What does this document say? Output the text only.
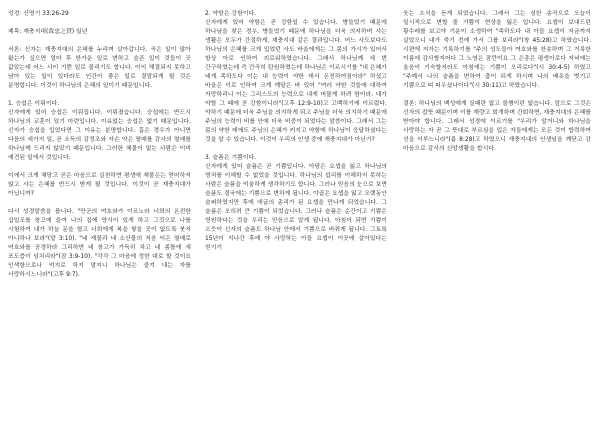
성경: 신명기 33:26-29

제목: 재충지대(裁忠之貸) 일년

서론: 신자는 재충지대의 은혜를 누리며 살아갑니다. 곡은 일이 많아 왔는가 싶으면 얼마 후 한가운 일로 변하고 슬픈 일이 것들이 곳 값았는데 어느 사이 기쁜 일로 물리기도 합니다. 이익 해결되지 못하고 남아 있는 일이 있더라도 인간이 좋은 일로 결말되게 될 것은 분명합니다. 이것이 하나님의 은혜의 일이기 때문입니다.

1. 승섭은 이뤄이다.

신자에게 있어 승섭은 이뤄집니다. 이뤄졌습니다. 승섭에는 반드시 하나님의 교훈이 있기 마련입니다. 이유없는 승섭은 없기 때문입니다. 신자가 승섭을 입었다면 그 이유는 분명합니다. 흠은 경우가 아니면 다음의 세가지 일, 곧 소득의 감정조와 자손 약은 열매를 감사의 열매를 하나님께 드리지 않았기 때문입니다. 그러한 체물이 없는 사람은 이미 예견된 일에서 것입니다.

이에서 크게 채당고 곧은 마음으로 실천하면 평생에 재물은는 얻어하지 않고 사는 은혜를 반드시 받게 될 것입니다. 이것이 곧 재충지대가 아닙니까?

다시 성경말씀을 봅니다. "만군의 여호와가 이르노라 너희의 온전한 십일조를 창고에 들여 나의 집에 양식이 있게 하고 그것으로 나를 시험하여 내가 하늘 문을 열고 너희에게 복을 쌓을 곳이 없도록 붓지 아니하나 보라"(말 3:10). "네 재물과 네 소산물의 처음 익은 열매로 여호와를 공경하라 그리하면 네 창고가 가득히 차고 네 좀틀에 새 포도즙이 넘치리라"(잠 3:9-10). "각각 그 마음에 정한 대로 할 것이요 인색함으로나 억지로 하지 말지니 하나님은 즐겨 내는 자를 사랑하시느니라"(고후 9:7).

2. 약함은 강함이다.

신자에게 있어 약함은 곧 강함일 수 있습니다. 병들었기 때문에 하나님을 찾은 경우, 병들었기 때문에 하나님을 더욱 의지하며 사는 생활은 모두가 간절하게, 재충지대 같은 결과입니다. 어느 사도보다도 하나님의 은혜를 크게 입었던 사도 바울에게는 그 몸의 가시가 있어서 항상 아로 인하여 괴로워하였습니다. 그래서 하나님께 세 번 간구하였는데 즉 간곡히 탄원하였는데 하나님은 이르시기를 "내 은혜가 네게 족하도다 이는 내 능력이 약한 데서 온전하여짐이라" 하셨고 바울은 이로 인하여 크게 깨달은 바 있어 "여러 약한 것들에 대하여 자랑하리니 이는 그리스도의 능력으로 내게 머물게 하려 함이라. 내가 약할 그 때에 곧 강함이니라"(고후 12:9-10)고 고백하기에 이르렀다. 약하기 때문에 더욱 주님을 의지하게 되고 주님을 더욱 의지하기 때문에 주님의 능력이 비를 안에 더욱 비중이 되었다는 말씀이다. 그래서 그는 몸의 약한 데에도 주님의 은혜가 커지고 약함에 하나님이 응답하셨다는 것을 알 수 있습니다. 이것이 우리의 인생 중에 재충지대가 아닌가?

3. 슬픔은 기쁨이다.

신자에게 있어 슬픔은 곧 기쁨입니다. 아담은 요셉을 잃고 하나님의 명처를 이해할 수 없었을 것입니다. 하나님의 섭리를 이해하지 못하는 사람은 슬픔을 억울하게 생각하기도 합니다. 그러나 믿음의 눈으로 보면 슬픔도 결국에는 기쁨으로 변하게 됩니다. 야곱은 요셉을 잃고 오랫동안 슬퍼하였지만 후에 애굽의 총리가 된 요셉을 만나게 되었습니다. 그 슬픔은 오히려 큰 기쁨이 되었습니다. 그러나 슬픔은 순간이고 기쁨은 영원하다는 것을 우리는 믿음으로 알게 됩니다. 아침이 되면 기쁨이 오듯이 신자의 슬픔도 하나님 안에서 기쁨으로 바뀌게 됩니다. 그토록 15년이 지나간 후에 야 사랑하는 아들 요셉이 이곳에 살아있다는 믿기기

웃는 소식을 듣게 되었습니다. 그래서 그는 심한 송곡으로 오늘이 일시적으로 변할 줄 기쁨이 현상을 잃은 입니다. 요셉이 보내드린 황수레를 보고야 기운이 소생하여 "족하도다 내 아들 요셉이 지금까지 살았으니 내가 죽기 전에 가서 그를 보리라"(창 45:28)고 하였습니다. 시편에 저자는 기록하기를 "주의 성도들아 여호와를 찬송하며 그 거룩한 이름에 감사할지어다 그 노염은 잠깐이요 그 은총은 평생이로다 저녁에는 울음이 기숙할지라도 아침에는 기쁨이 오리로다"(시 30:4-5) 하였고 "주께서 나의 슬픔을 변하여 춤이 되게 하시며 나의 베옷을 벗기고 기쁨으로 띠 띠우셨나이다"(시 30:11)고 하였습니다.

결론: 하나님의 백성에게 실패란 없고 불행이란 없습니다. 앞으로 그것은 신자의 잡뜻 때문이며 이를 재량고 회개하며 간회하면, 재충지대의 은혜를 받아야 합니다. 그래서 성경에 이르기를 "우리가 알거니와 하나님을 사랑하는 자 곧 그 뜻대로 부르심을 입은 자들에게는 모든 것이 합력하여 선을 이루느니라"(롬 8:28)고 하였으니 재충지대의 인생임을 깨닫고 감 마음으로 감사의 신앙생활을 합시다.
